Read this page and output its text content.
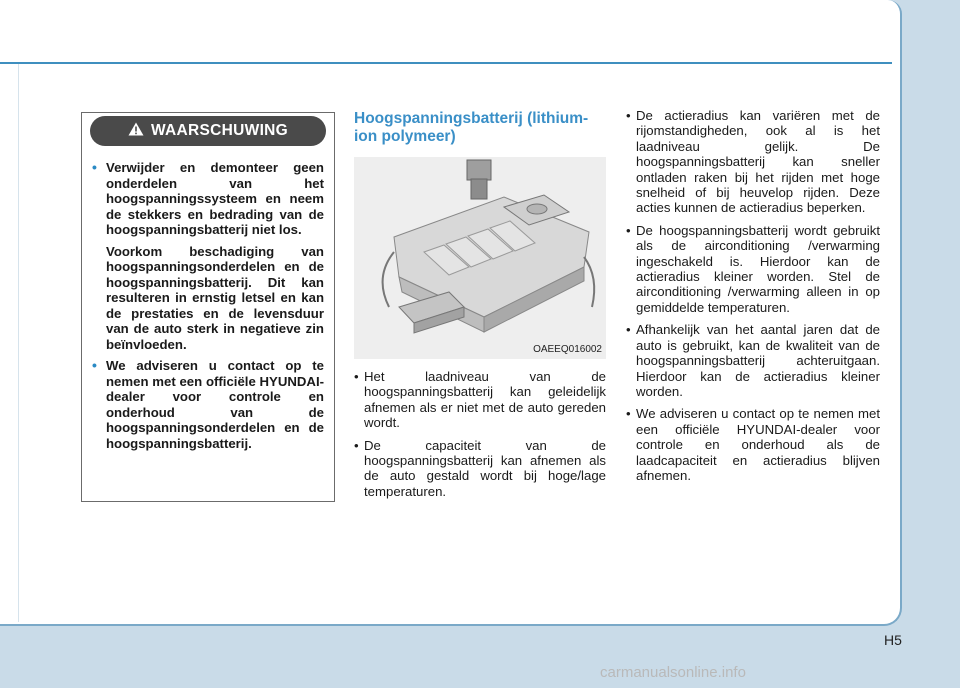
WAARSCHUWING
• Verwijder en demonteer geen onderdelen van het hoogspanningssysteem en neem de stekkers en bedrading van de hoogspanningsbatterij niet los.

Voorkom beschadiging van hoogspanningsonderdelen en de hoogspanningsbatterij. Dit kan resulteren in ernstig letsel en kan de prestaties en de levensduur van de auto sterk in negatieve zin beïnvloeden.

• We adviseren u contact op te nemen met een officiële HYUNDAI-dealer voor controle en onderhoud van de hoogspanningsonderdelen en de hoogspanningsbatterij.

Hoogspanningsbatterij (lithium-ion polymeer)
OAEEQ016002
• Het laadniveau van de hoogspanningsbatterij kan geleidelijk afnemen als er niet met de auto gereden wordt.
• De capaciteit van de hoogspanningsbatterij kan afnemen als de auto gestald wordt bij hoge/lage temperaturen.
• De actieradius kan variëren met de rijomstandigheden, ook al is het laadniveau gelijk. De hoogspanningsbatterij kan sneller ontladen raken bij het rijden met hoge snelheid of bij heuvelop rijden. Deze acties kunnen de actieradius beperken.
• De hoogspanningsbatterij wordt gebruikt als de airconditioning /verwarming ingeschakeld is. Hierdoor kan de actieradius kleiner worden. Stel de airconditioning /verwarming alleen in op gemiddelde temperaturen.
• Afhankelijk van het aantal jaren dat de auto is gebruikt, kan de kwaliteit van de hoogspanningsbatterij achteruitgaan. Hierdoor kan de actieradius kleiner worden.
• We adviseren u contact op te nemen met een officiële HYUNDAI-dealer voor controle en onderhoud als de laadcapaciteit en actieradius blijven afnemen.
H5
carmanualsonline.info
